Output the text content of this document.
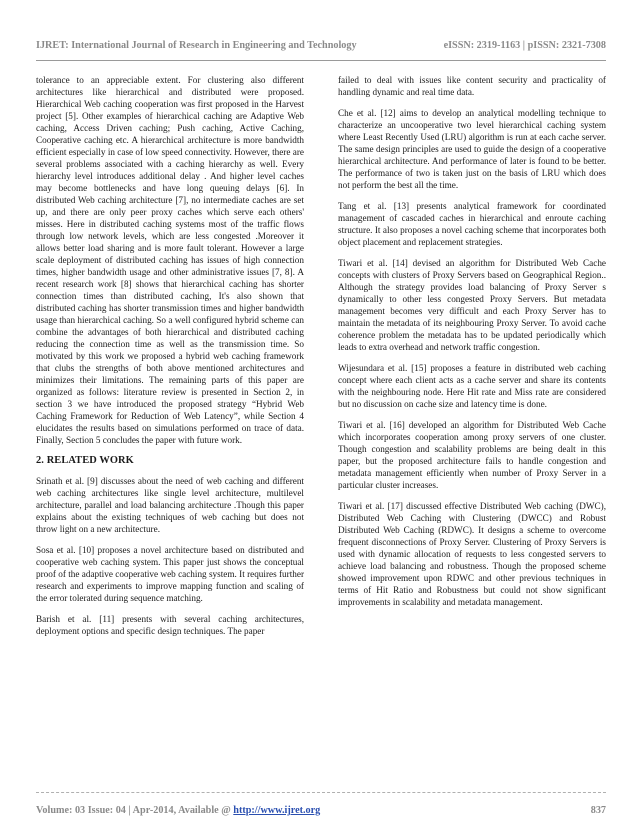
IJRET: International Journal of Research in Engineering and Technology	eISSN: 2319-1163 | pISSN: 2321-7308

tolerance to an appreciable extent. For clustering also different architectures like hierarchical and distributed were proposed. Hierarchical Web caching cooperation was first proposed in the Harvest project [5]. Other examples of hierarchical caching are Adaptive Web caching, Access Driven caching; Push caching, Active Caching, Cooperative caching etc. A hierarchical architecture is more bandwidth efficient especially in case of low speed connectivity. However, there are several problems associated with a caching hierarchy as well. Every hierarchy level introduces additional delay . And higher level caches may become bottlenecks and have long queuing delays [6]. In distributed Web caching architecture [7], no intermediate caches are set up, and there are only peer proxy caches which serve each others' misses. Here in distributed caching systems most of the traffic flows through low network levels, which are less congested .Moreover it allows better load sharing and is more fault tolerant. However a large scale deployment of distributed caching has issues of high connection times, higher bandwidth usage and other administrative issues [7, 8]. A recent research work [8] shows that hierarchical caching has shorter connection times than distributed caching, It's also shown that distributed caching has shorter transmission times and higher bandwidth usage than hierarchical caching. So a well configured hybrid scheme can combine the advantages of both hierarchical and distributed caching reducing the connection time as well as the transmission time. So motivated by this work we proposed a hybrid web caching framework that clubs the strengths of both above mentioned architectures and minimizes their limitations. The remaining parts of this paper are organized as follows: literature review is presented in Section 2, in section 3 we have introduced the proposed strategy “Hybrid Web Caching Framework for Reduction of Web Latency”, while Section 4 elucidates the results based on simulations performed on trace of data. Finally, Section 5 concludes the paper with future work.

2. RELATED WORK

Srinath et al. [9] discusses about the need of web caching and different web caching architectures like single level architecture, multilevel architecture, parallel and load balancing architecture .Though this paper explains about the existing techniques of web caching but does not throw light on a new architecture.

Sosa et al. [10] proposes a novel architecture based on distributed and cooperative web caching system. This paper just shows the conceptual proof of the adaptive cooperative web caching system. It requires further research and experiments to improve mapping function and scaling of the error tolerated during sequence matching.

Barish et al. [11] presents with several caching architectures, deployment options and specific design techniques. The paper

failed to deal with issues like content security and practicality of handling dynamic and real time data.

Che et al. [12] aims to develop an analytical modelling technique to characterize an uncooperative two level hierarchical caching system where Least Recently Used (LRU) algorithm is run at each cache server. The same design principles are used to guide the design of a cooperative hierarchical architecture. And performance of later is found to be better. The performance of two is taken just on the basis of LRU which does not perform the best all the time.

Tang et al. [13] presents analytical framework for coordinated management of cascaded caches in hierarchical and enroute caching structure. It also proposes a novel caching scheme that incorporates both object placement and replacement strategies.

Tiwari et al. [14] devised an algorithm for Distributed Web Cache concepts with clusters of Proxy Servers based on Geographical Region.. Although the strategy provides load balancing of Proxy Server s dynamically to other less congested Proxy Servers. But metadata management becomes very difficult and each Proxy Server has to maintain the metadata of its neighbouring Proxy Server. To avoid cache coherence problem the metadata has to be updated periodically which leads to extra overhead and network traffic congestion.

Wijesundara et al. [15] proposes a feature in distributed web caching concept where each client acts as a cache server and share its contents with the neighbouring node. Here Hit rate and Miss rate are considered but no discussion on cache size and latency time is done.

Tiwari et al. [16] developed an algorithm for Distributed Web Cache which incorporates cooperation among proxy servers of one cluster. Though congestion and scalability problems are being dealt in this paper, but the proposed architecture fails to handle congestion and metadata management efficiently when number of Proxy Server in a particular cluster increases.

Tiwari et al. [17] discussed effective Distributed Web caching (DWC), Distributed Web Caching with Clustering (DWCC) and Robust Distributed Web Caching (RDWC). It designs a scheme to overcome frequent disconnections of Proxy Server. Clustering of Proxy Servers is used with dynamic allocation of requests to less congested servers to achieve load balancing and robustness. Though the proposed scheme showed improvement upon RDWC and other previous techniques in terms of Hit Ratio and Robustness but could not show significant improvements in scalability and metadata management.

Volume: 03 Issue: 04 | Apr-2014, Available @ http://www.ijret.org	837
